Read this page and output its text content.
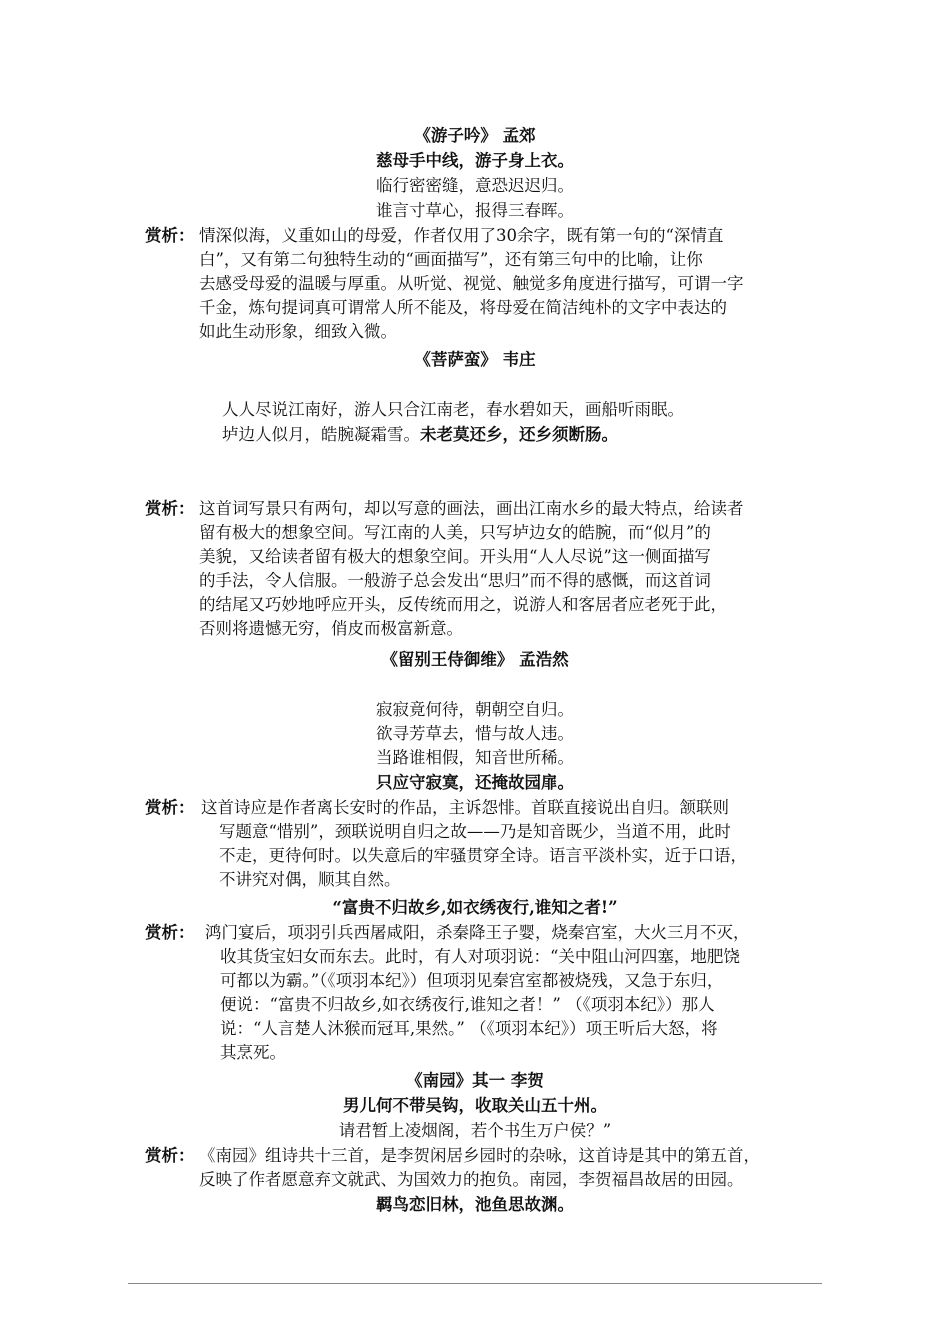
《游子吟》 孟郊
慈母手中线，游子身上衣。
临行密密缝，意恐迟迟归。
谁言寸草心，报得三春晖。
赏析： 情深似海，义重如山的母爱，作者仅用了30余字，既有第一句的“深情直
白”，又有第二句独特生动的“画面描写”，还有第三句中的比喻，让你
去感受母爱的温暖与厚重。从听觉、视觉、触觉多角度进行描写，可谓一字
千金，炼句提词真可谓常人所不能及，将母爱在简洁纯朴的文字中表达的
如此生动形象，细致入微。
《菩萨蛮》 韦庄
人人尽说江南好，游人只合江南老，春水碧如天，画船听雨眠。
垆边人似月，皓腕凝霜雪。未老莫还乡，还乡须断肠。
赏析： 这首词写景只有两句，却以写意的画法，画出江南水乡的最大特点，给读者
留有极大的想象空间。写江南的人美，只写垆边女的皓腕，而“似月”的
美貌，又给读者留有极大的想象空间。开头用“人人尽说”这一侧面描写
的手法，令人信服。一般游子总会发出“思归”而不得的感慨，而这首词
的结尾又巧妙地呼应开头，反传统而用之，说游人和客居者应老死于此，
否则将遗憾无穷，俏皮而极富新意。
《留别王侍御维》 孟浩然
寂寂竟何待，朝朝空自归。
欲寻芳草去，惜与故人违。
当路谁相假，知音世所稀。
只应守寂寞，还掩故园扉。
赏析： 这首诗应是作者离长安时的作品，主诉怨悱。首联直接说出自归。颔联则
写题意“惜别”，颈联说明自归之故——乃是知音既少，当道不用，此时
不走，更待何时。以失意后的牢骚贯穿全诗。语言平淡朴实，近于口语，
不讲究对偶，顺其自然。
“富贵不归故乡,如衣绣夜行,谁知之者!”
赏析： 鸿门宴后，项羽引兵西屠咸阳，杀秦降王子婴，烧秦宫室，大火三月不灭，
收其货宝妇女而东去。此时，有人对项羽说：“关中阻山河四塞，地肥饶
可都以为霸。”（《项羽本纪》）但项羽见秦宫室都被烧残，又急于东归，
便说：“富贵不归故乡,如衣绣夜行,谁知之者！” （《项羽本纪》）那人
说：“人言楚人沐猴而冠耳,果然。” （《项羽本纪》）项王听后大怒，将
其烹死。
《南园》其一 李贺
男儿何不带吴钩，收取关山五十州。
请君暂上凌烟阁，若个书生万户侯？”
赏析： 《南园》组诗共十三首，是李贺闲居乡园时的杂咏，这首诗是其中的第五首，
反映了作者愿意弃文就武、为国效力的抱负。南园，李贺福昌故居的田园。
羁鸟恋旧林，池鱼思故渊。
